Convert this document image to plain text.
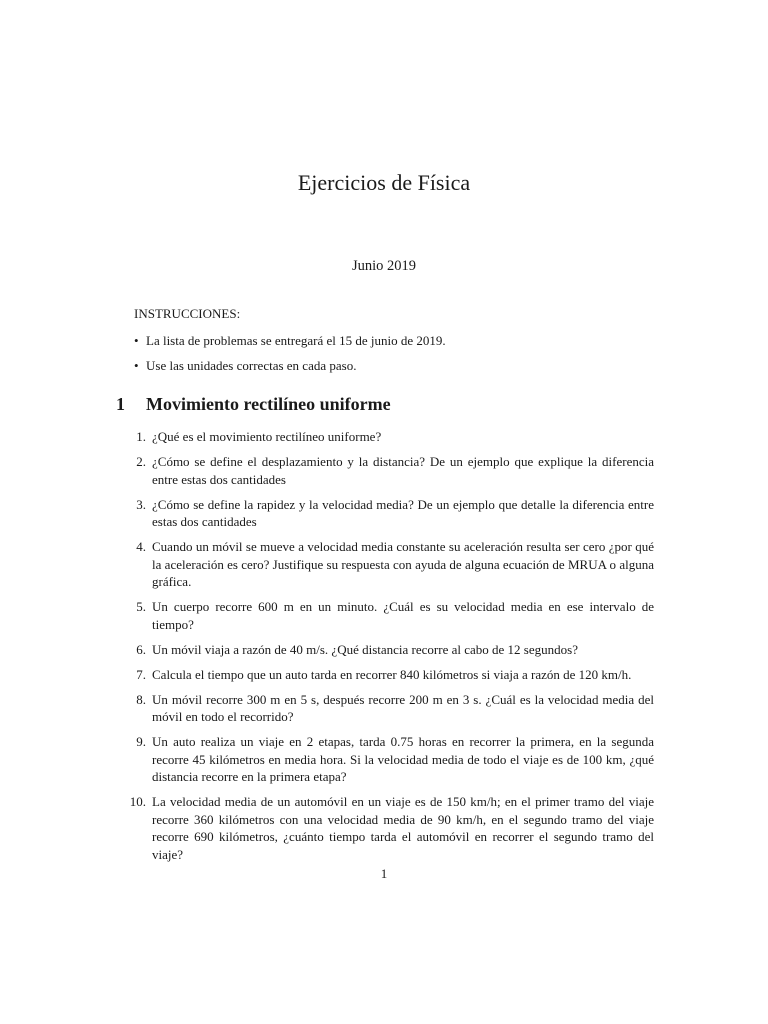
Ejercicios de Física
Junio 2019
INSTRUCCIONES:
• La lista de problemas se entregará el 15 de junio de 2019.
• Use las unidades correctas en cada paso.
1	Movimiento rectilíneo uniforme
1. ¿Qué es el movimiento rectilíneo uniforme?
2. ¿Cómo se define el desplazamiento y la distancia? De un ejemplo que explique la diferencia entre estas dos cantidades
3. ¿Cómo se define la rapidez y la velocidad media? De un ejemplo que detalle la diferencia entre estas dos cantidades
4. Cuando un móvil se mueve a velocidad media constante su aceleración resulta ser cero ¿por qué la aceleración es cero? Justifique su respuesta con ayuda de alguna ecuación de MRUA o alguna gráfica.
5. Un cuerpo recorre 600 m en un minuto. ¿Cuál es su velocidad media en ese intervalo de tiempo?
6. Un móvil viaja a razón de 40 m/s. ¿Qué distancia recorre al cabo de 12 segundos?
7. Calcula el tiempo que un auto tarda en recorrer 840 kilómetros si viaja a razón de 120 km/h.
8. Un móvil recorre 300 m en 5 s, después recorre 200 m en 3 s. ¿Cuál es la velocidad media del móvil en todo el recorrido?
9. Un auto realiza un viaje en 2 etapas, tarda 0.75 horas en recorrer la primera, en la segunda recorre 45 kilómetros en media hora. Si la velocidad media de todo el viaje es de 100 km, ¿qué distancia recorre en la primera etapa?
10. La velocidad media de un automóvil en un viaje es de 150 km/h; en el primer tramo del viaje recorre 360 kilómetros con una velocidad media de 90 km/h, en el segundo tramo del viaje recorre 690 kilómetros, ¿cuánto tiempo tarda el automóvil en recorrer el segundo tramo del viaje?
1
